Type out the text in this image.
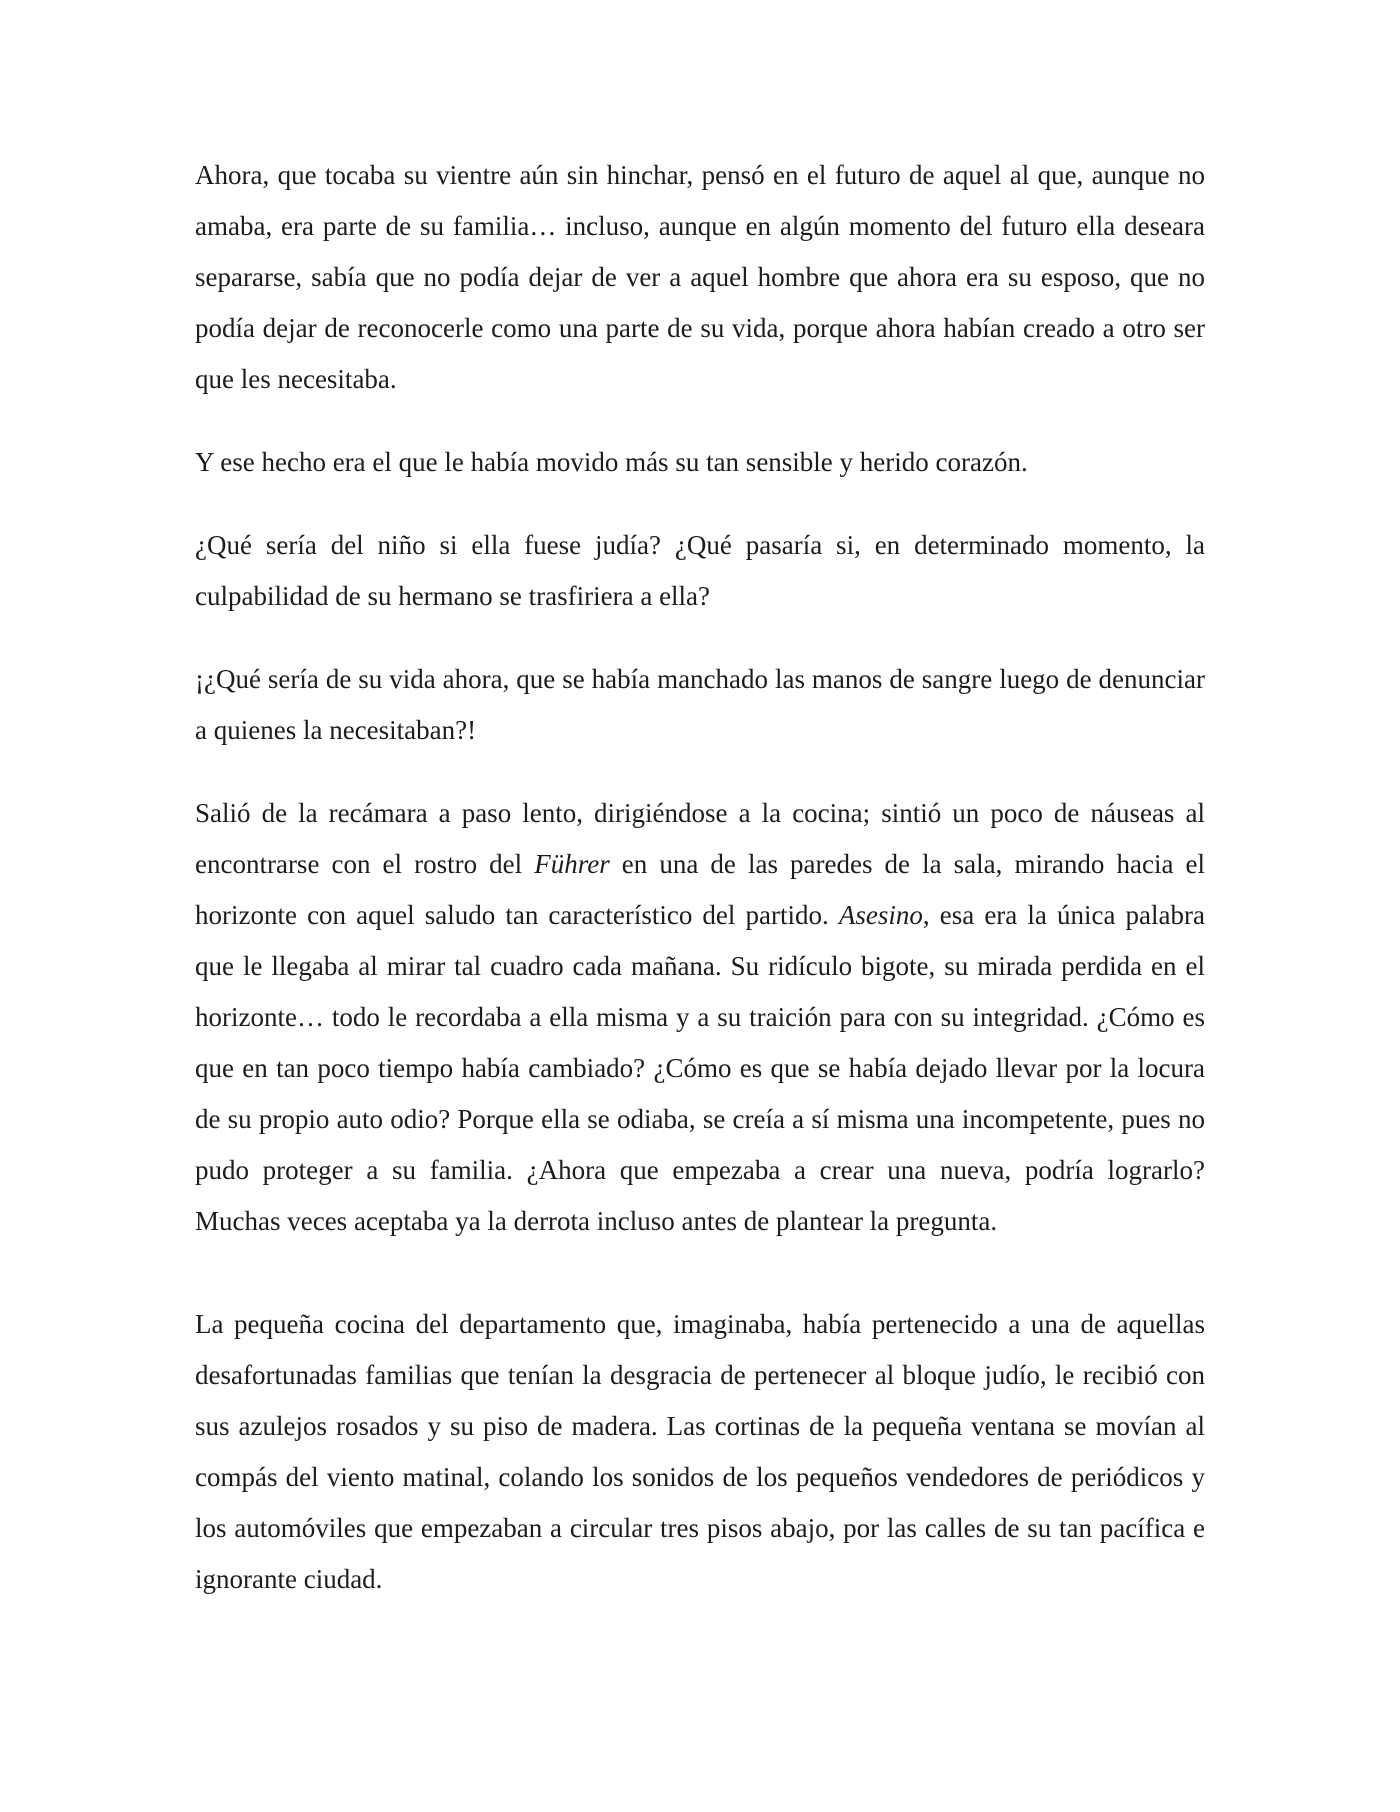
Ahora, que tocaba su vientre aún sin hinchar, pensó en el futuro de aquel al que, aunque no amaba, era parte de su familia… incluso, aunque en algún momento del futuro ella deseara separarse, sabía que no podía dejar de ver a aquel hombre que ahora era su esposo, que no podía dejar de reconocerle como una parte de su vida, porque ahora habían creado a otro ser que les necesitaba.

Y ese hecho era el que le había movido más su tan sensible y herido corazón.

¿Qué sería del niño si ella fuese judía? ¿Qué pasaría si, en determinado momento, la culpabilidad de su hermano se trasfiriera a ella?

¡¿Qué sería de su vida ahora, que se había manchado las manos de sangre luego de denunciar a quienes la necesitaban?!

Salió de la recámara a paso lento, dirigiéndose a la cocina; sintió un poco de náuseas al encontrarse con el rostro del Führer en una de las paredes de la sala, mirando hacia el horizonte con aquel saludo tan característico del partido. Asesino, esa era la única palabra que le llegaba al mirar tal cuadro cada mañana. Su ridículo bigote, su mirada perdida en el horizonte… todo le recordaba a ella misma y a su traición para con su integridad. ¿Cómo es que en tan poco tiempo había cambiado? ¿Cómo es que se había dejado llevar por la locura de su propio auto odio? Porque ella se odiaba, se creía a sí misma una incompetente, pues no pudo proteger a su familia. ¿Ahora que empezaba a crear una nueva, podría lograrlo? Muchas veces aceptaba ya la derrota incluso antes de plantear la pregunta.

La pequeña cocina del departamento que, imaginaba, había pertenecido a una de aquellas desafortunadas familias que tenían la desgracia de pertenecer al bloque judío, le recibió con sus azulejos rosados y su piso de madera. Las cortinas de la pequeña ventana se movían al compás del viento matinal, colando los sonidos de los pequeños vendedores de periódicos y los automóviles que empezaban a circular tres pisos abajo, por las calles de su tan pacífica e ignorante ciudad.
